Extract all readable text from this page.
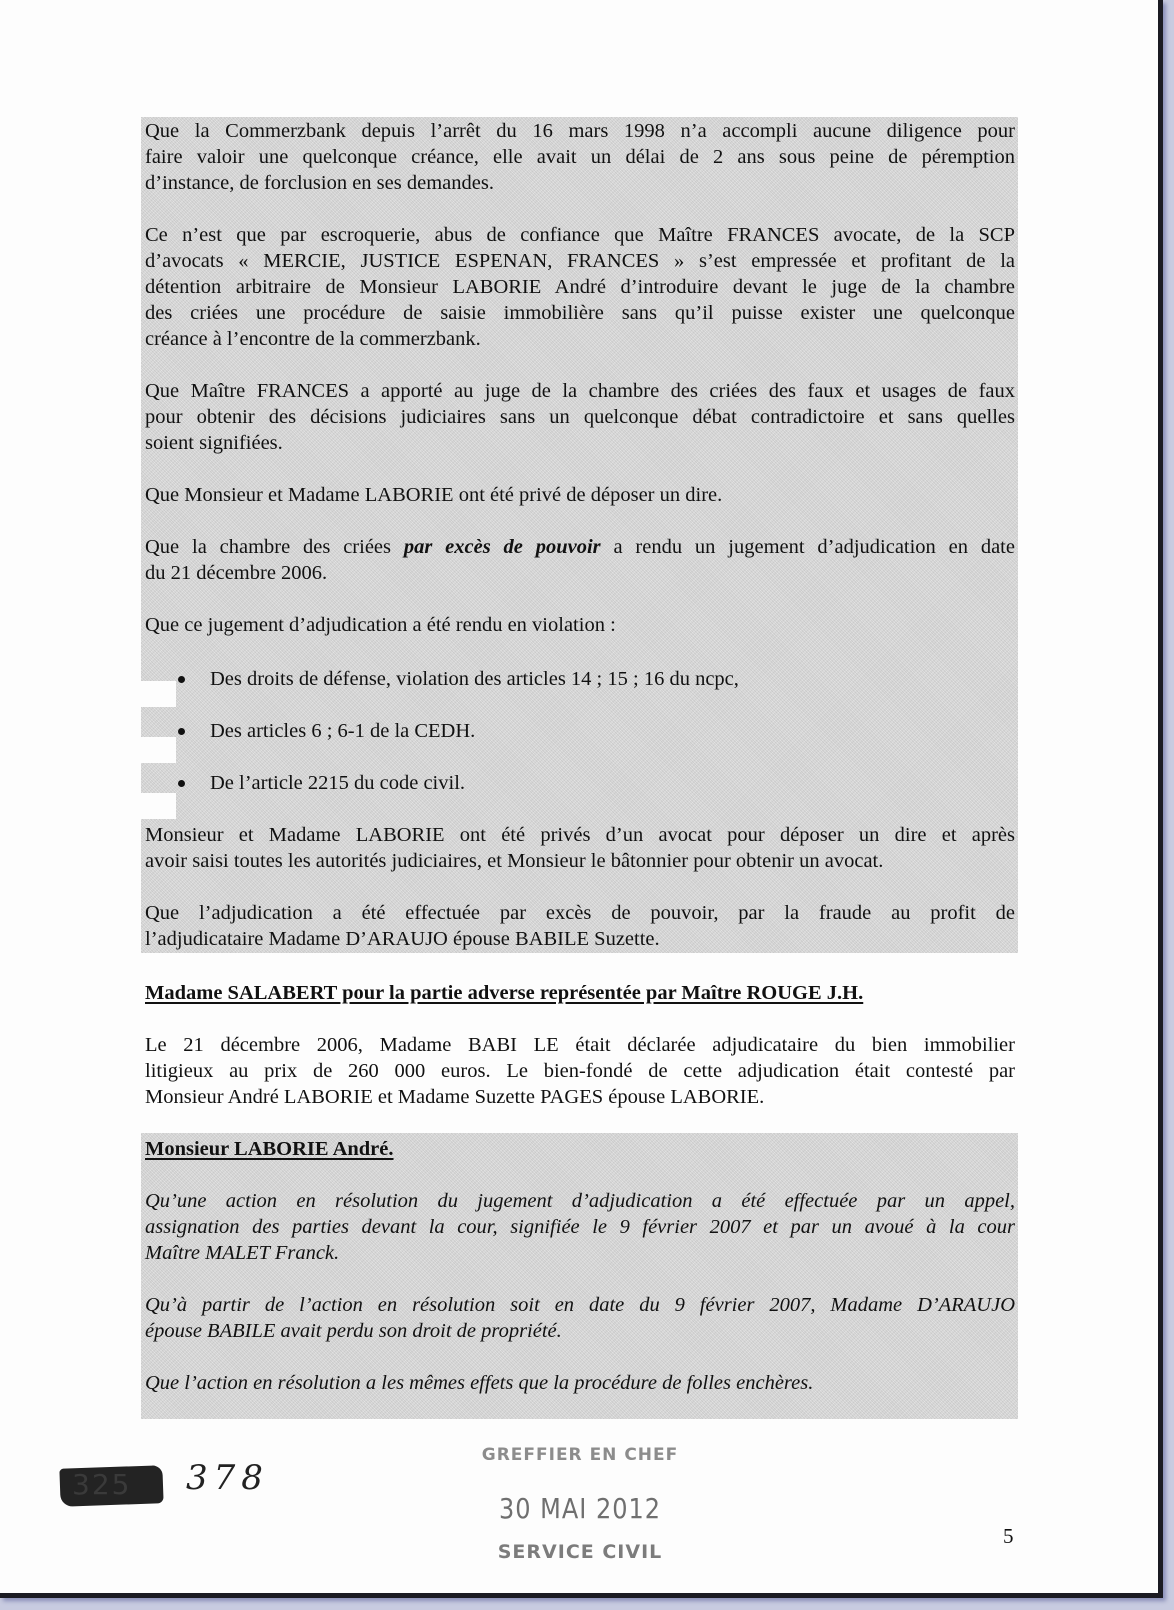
Que la Commerzbank depuis l’arrêt du 16 mars 1998 n’a accompli aucune diligence pour
faire valoir une quelconque créance, elle avait un délai de 2 ans sous peine de péremption
d’instance, de forclusion en ses demandes.
Ce n’est que par escroquerie, abus de confiance que Maître FRANCES avocate, de la SCP
d’avocats « MERCIE, JUSTICE ESPENAN, FRANCES » s’est empressée et profitant de la
détention arbitraire de Monsieur LABORIE André d’introduire devant le juge de la chambre
des criées une procédure de saisie immobilière sans qu’il puisse exister une quelconque
créance à l’encontre de la commerzbank.
Que Maître FRANCES a apporté au juge de la chambre des criées des faux et usages de faux
pour obtenir des décisions judiciaires sans un quelconque débat contradictoire et sans quelles
soient signifiées.
Que Monsieur et Madame LABORIE ont été privé de déposer un dire.
Que la chambre des criées par excès de pouvoir a rendu un jugement d’adjudication en date
du 21 décembre 2006.
Que ce jugement d’adjudication a été rendu en violation :
Des droits de défense, violation des articles 14 ; 15 ; 16 du ncpc,
Des articles 6 ; 6-1 de la CEDH.
De l’article 2215 du code civil.
Monsieur et Madame LABORIE ont été privés d’un avocat pour déposer un dire et après
avoir saisi toutes les autorités judiciaires, et Monsieur le bâtonnier pour obtenir un avocat.
Que l’adjudication a été effectuée par excès de pouvoir, par la fraude au profit de
l’adjudicataire Madame D’ARAUJO épouse BABILE Suzette.
Madame SALABERT pour la partie adverse représentée par Maître ROUGE J.H.
Le 21 décembre 2006, Madame BABI LE était déclarée adjudicataire du bien immobilier
litigieux au prix de 260 000 euros. Le bien-fondé de cette adjudication était contesté par
Monsieur André LABORIE et Madame Suzette PAGES épouse LABORIE.
Monsieur LABORIE André.
Qu’une action en résolution du jugement d’adjudication a été effectuée par un appel,
assignation des parties devant la cour, signifiée le 9 février 2007 et par un avoué à la cour
Maître MALET Franck.
Qu’à partir de l’action en résolution soit en date du 9 février 2007, Madame D’ARAUJO
épouse BABILE avait perdu son droit de propriété.
Que l’action en résolution a les mêmes effets que la procédure de folles enchères.
325 378
GREFFIER EN CHEF
30 MAI 2012
SERVICE CIVIL
5
